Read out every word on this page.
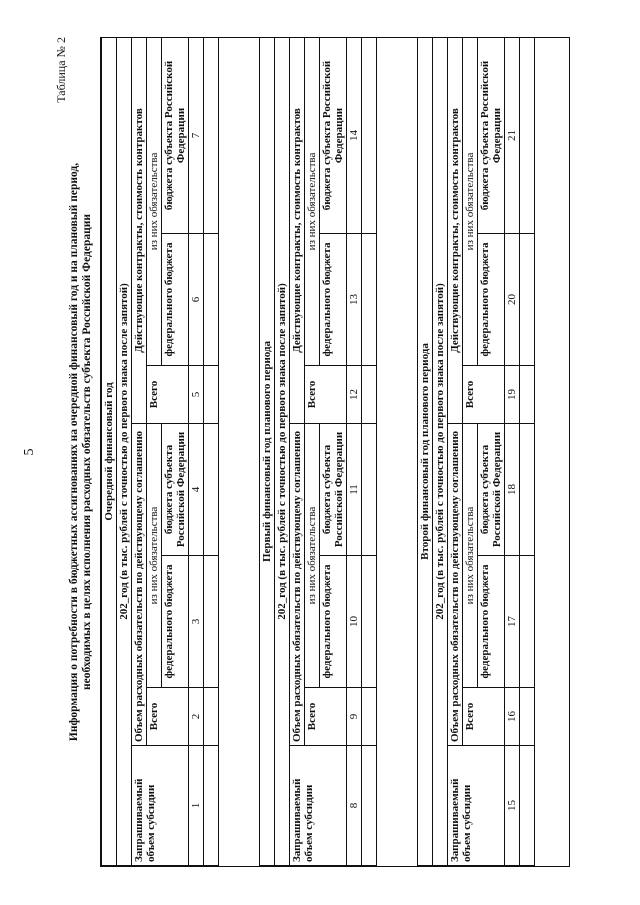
5
Таблица № 2
Информация о потребности в бюджетных ассигнованиях на очередной финансовый год и на плановый период, необходимых в целях исполнения расходных обязательств субъекта Российской Федерации Очередной финансовый год						
202_год (в тыс. рублей с точностью до первого знака после запятой)						
Запрашиваемый объем субсидии	Объем расходных обязательств по действующему соглашению			Действующие контракты, стоимость контрактов		
	Всего	из них обязательства		Всего	из них обязательства	
		федерального бюджета	бюджета субъекта Российской Федерации		федерального бюджета	бюджета субъекта Российской Федерации
1	2	3	4	5	6	7

Первый финансовый год планового периода						
202_год (в тыс. рублей с точностью до первого знака после запятой)						
Запрашиваемый объем субсидии	Объем расходных обязательств по действующему соглашению			Действующие контракты, стоимость контрактов		
	Всего	из них обязательства		Всего	из них обязательства	
		федерального бюджета	бюджета субъекта Российской Федерации		федерального бюджета	бюджета субъекта Российской Федерации
8	9	10	11	12	13	14

Второй финансовый год планового периода						
202_год (в тыс. рублей с точностью до первого знака после запятой)						
Запрашиваемый объем субсидии	Объем расходных обязательств по действующему соглашению			Действующие контракты, стоимость контрактов		
	Всего	из них обязательства		Всего	из них обязательства	
		федерального бюджета	бюджета субъекта Российской Федерации		федерального бюджета	бюджета субъекта Российской Федерации
15	16	17	18	19	20	21
